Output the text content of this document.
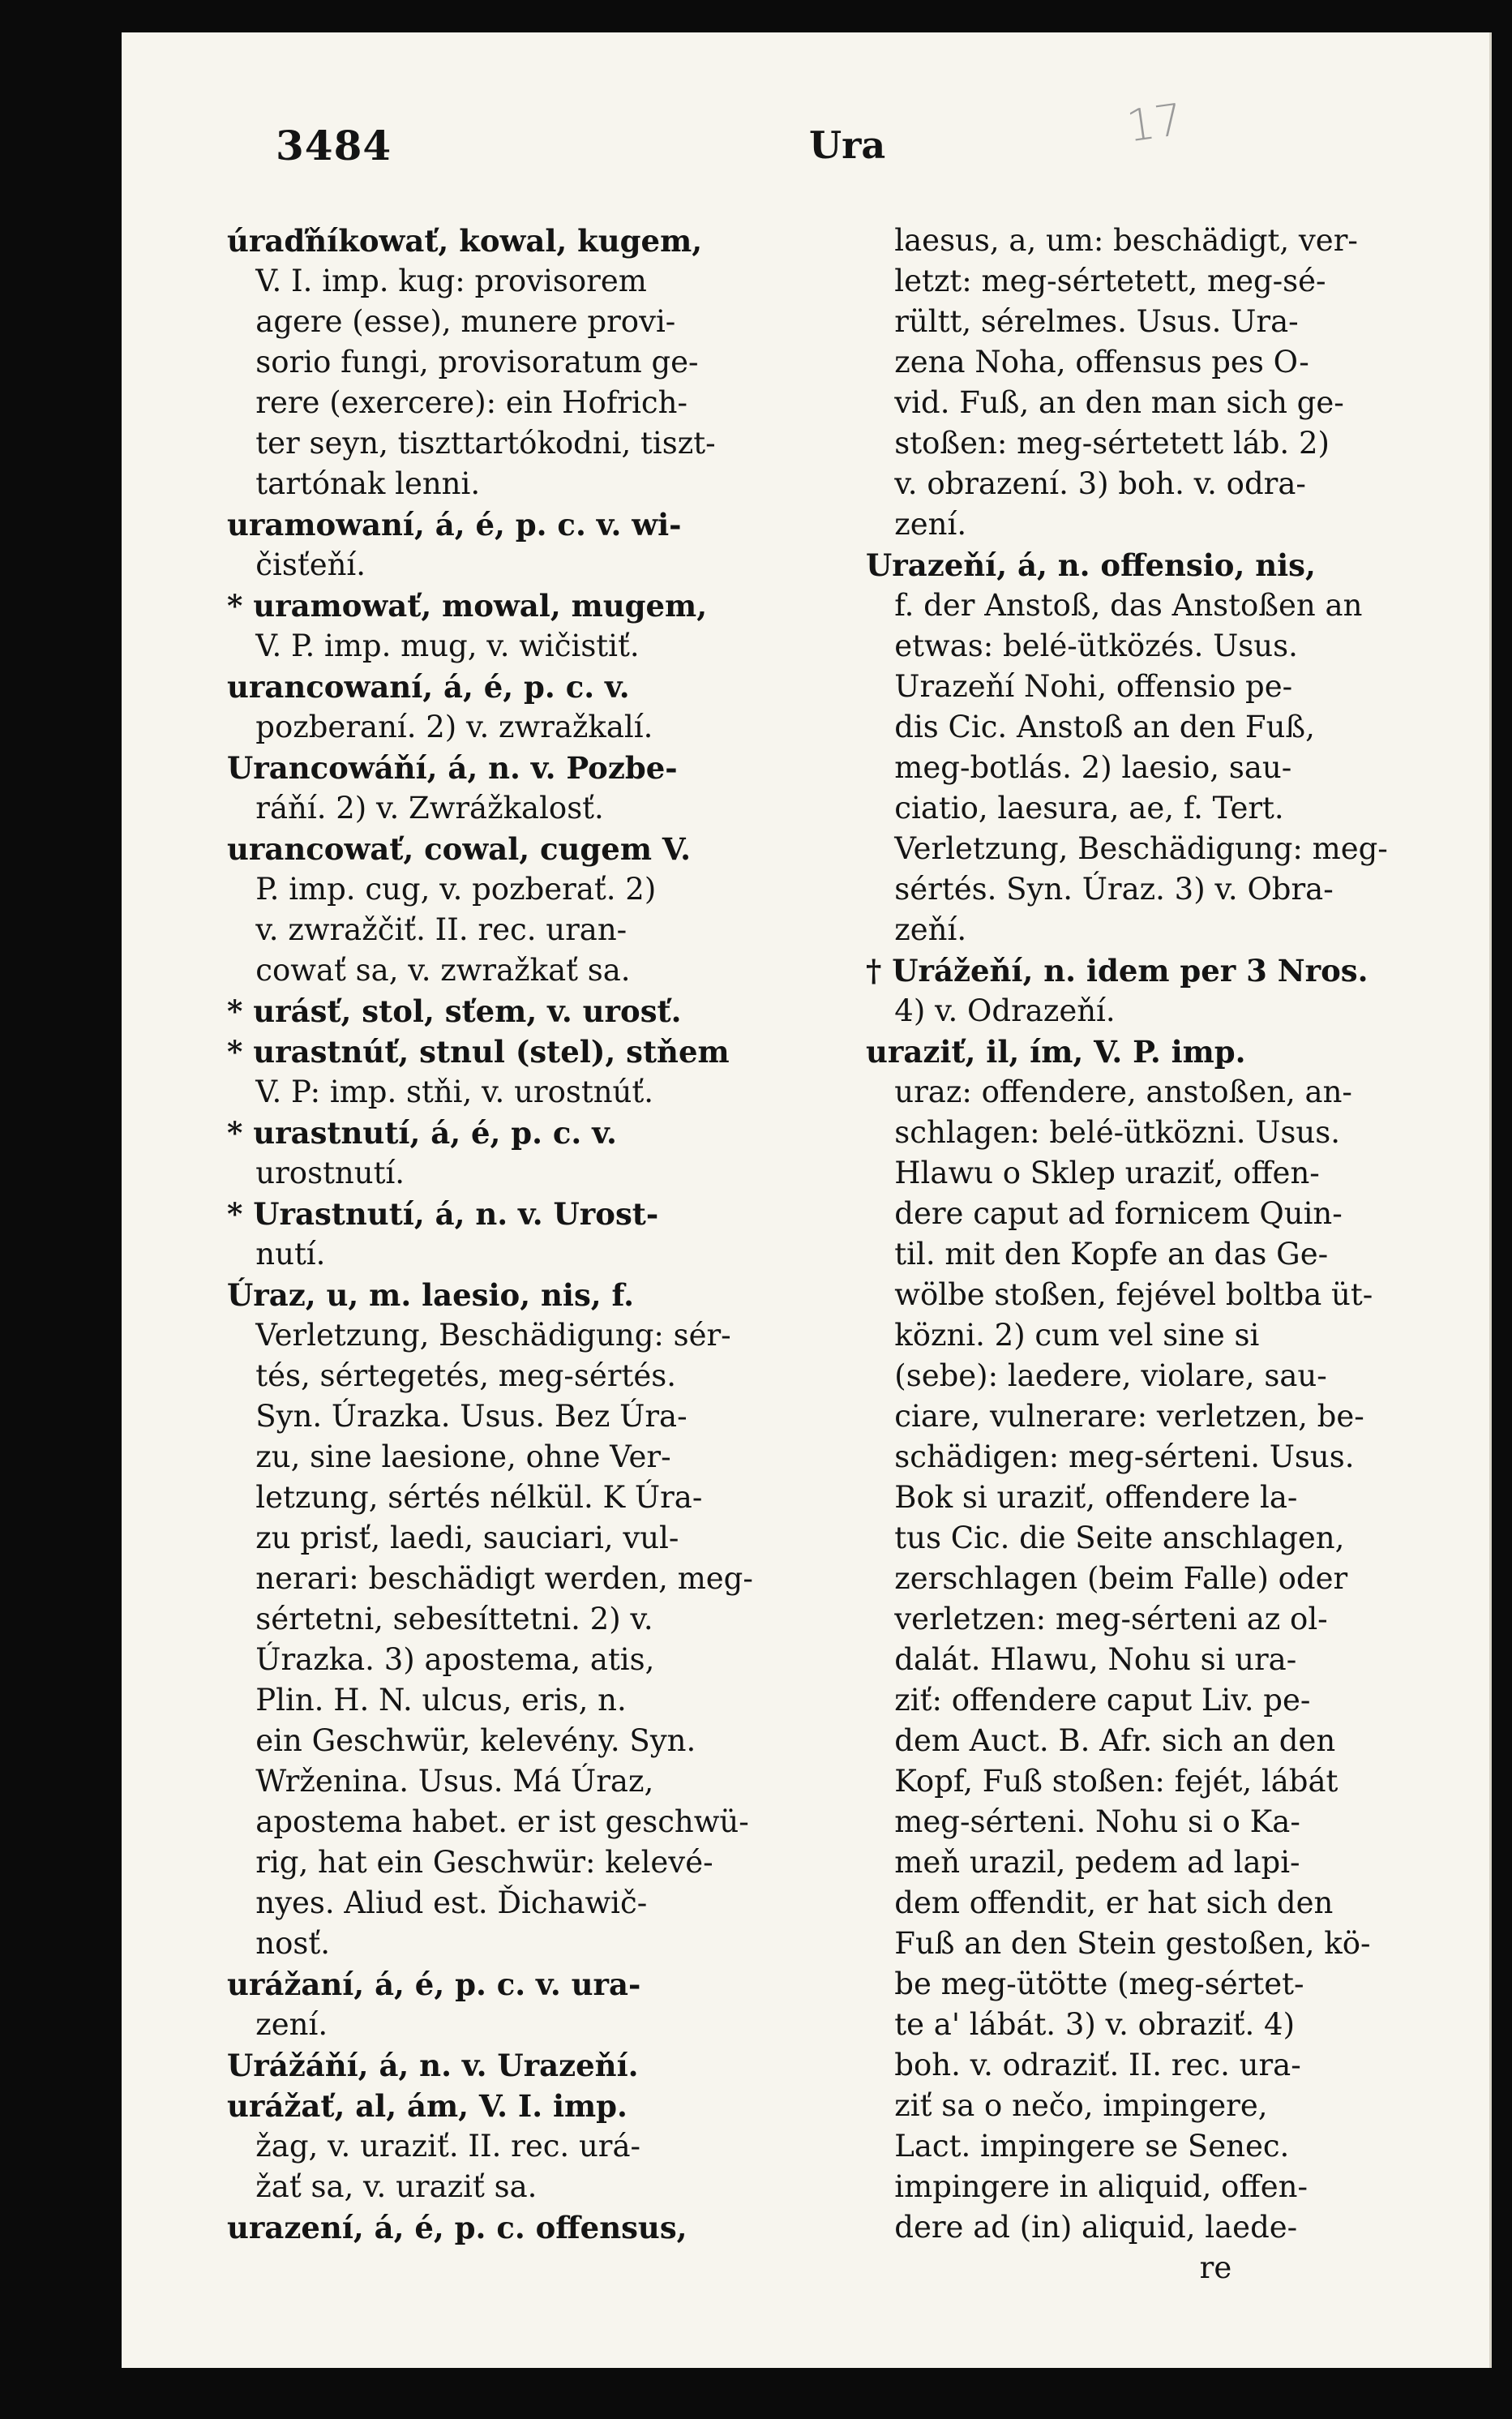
3484	Ura	17
úraďňíkowať, kowal, kugem,
V. I. imp. kug: provisorem
agere (esse), munere provi-
sorio fungi, provisoratum ge-
rere (exercere): ein Hofrich-
ter seyn, tiszttartókodni, tiszt-
tartónak lenni.
uramowaní, á, é, p. c. v. wi-
čisťeňí.
* uramowať, mowal, mugem,
V. P. imp. mug, v. wičistiť.
urancowaní, á, é, p. c. v.
pozberaní. 2) v. zwražkalí.
Urancowáňí, á, n. v. Pozbe-
ráňí. 2) v. Zwrážkalosť.
urancowať, cowal, cugem V.
P. imp. cug, v. pozberať. 2)
v. zwražčiť. II. rec. uran-
cowať sa, v. zwražkať sa.
* urásť, stol, sťem, v. urosť.
* urastnúť, stnul (stel), stňem
V. P: imp. stňi, v. urostnúť.
* urastnutí, á, é, p. c. v.
urostnutí.
* Urastnutí, á, n. v. Urost-
nutí.
Úraz, u, m. laesio, nis, f.
Verletzung, Beschädigung: sér-
tés, sértegetés, meg-sértés.
Syn. Úrazka. Usus. Bez Úra-
zu, sine laesione, ohne Ver-
letzung, sértés nélkül. K Úra-
zu prisť, laedi, sauciari, vul-
nerari: beschädigt werden, meg-
sértetni, sebesíttetni. 2) v.
Úrazka. 3) apostema, atis,
Plin. H. N. ulcus, eris, n.
ein Geschwür, kelevény. Syn.
Wrženina. Usus. Má Úraz,
apostema habet. er ist geschwü-
rig, hat ein Geschwür: kelevé-
nyes. Aliud est. Ďichawič-
nosť.
urážaní, á, é, p. c. v. ura-
zení.
Urážáňí, á, n. v. Urazeňí.
urážať, al, ám, V. I. imp.
žag, v. uraziť. II. rec. urá-
žať sa, v. uraziť sa.
urazení, á, é, p. c. offensus,
laesus, a, um: beschädigt, ver-
letzt: meg-sértetett, meg-sé-
rültt, sérelmes. Usus. Ura-
zena Noha, offensus pes O-
vid. Fuß, an den man sich ge-
stoßen: meg-sértetett láb. 2)
v. obrazení. 3) boh. v. odra-
zení.
Urazeňí, á, n. offensio, nis,
f. der Anstoß, das Anstoßen an
etwas: belé-ütközés. Usus.
Urazeňí Nohi, offensio pe-
dis Cic. Anstoß an den Fuß,
meg-botlás. 2) laesio, sau-
ciatio, laesura, ae, f. Tert.
Verletzung, Beschädigung: meg-
sértés. Syn. Úraz. 3) v. Obra-
zeňí.
† Urážeňí, n. idem per 3 Nros.
4) v. Odrazeňí.
uraziť, il, ím, V. P. imp.
uraz: offendere, anstoßen, an-
schlagen: belé-ütközni. Usus.
Hlawu o Sklep uraziť, offen-
dere caput ad fornicem Quin-
til. mit den Kopfe an das Ge-
wölbe stoßen, fejével boltba üt-
közni. 2) cum vel sine si
(sebe): laedere, violare, sau-
ciare, vulnerare: verletzen, be-
schädigen: meg-sérteni. Usus.
Bok si uraziť, offendere la-
tus Cic. die Seite anschlagen,
zerschlagen (beim Falle) oder
verletzen: meg-sérteni az ol-
dalát. Hlawu, Nohu si ura-
ziť: offendere caput Liv. pe-
dem Auct. B. Afr. sich an den
Kopf, Fuß stoßen: fejét, lábát
meg-sérteni. Nohu si o Ka-
meň urazil, pedem ad lapi-
dem offendit, er hat sich den
Fuß an den Stein gestoßen, kö-
be meg-ütötte (meg-sértet-
te a' lábát. 3) v. obraziť. 4)
boh. v. odraziť. II. rec. ura-
ziť sa o nečo, impingere,
Lact. impingere se Senec.
impingere in aliquid, offen-
dere ad (in) aliquid, laede-
re
